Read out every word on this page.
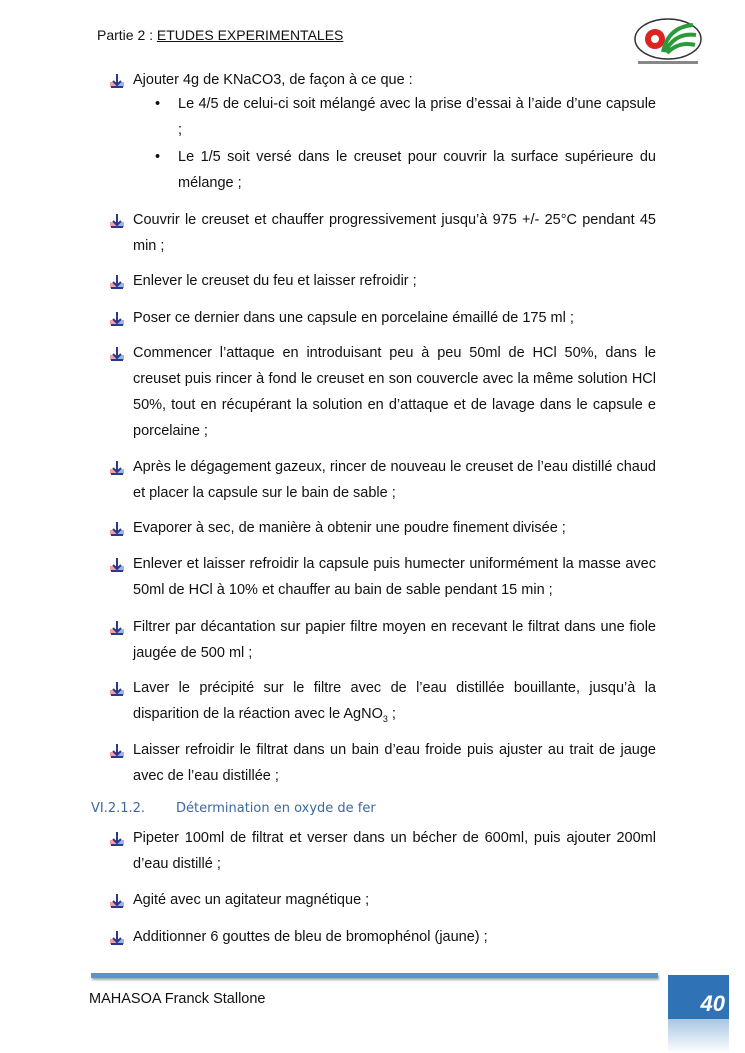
Partie 2 : ETUDES EXPERIMENTALES
Ajouter 4g de KNaCO3, de façon à ce que :
Couvrir le creuset et chauffer progressivement jusqu’à 975 +/- 25°C pendant 45 min ;
Enlever le creuset du feu et laisser refroidir ;
Poser ce dernier dans une capsule en porcelaine émaillé de 175 ml ;
Commencer l’attaque en introduisant peu à peu 50ml de HCl 50%, dans le creuset puis rincer à fond le creuset en son couvercle avec la même solution HCl 50%, tout en récupérant la solution en d’attaque et de lavage dans le capsule e porcelaine ;
Après le dégagement gazeux, rincer de nouveau le creuset de l’eau distillé chaud et placer la capsule sur le bain de sable ;
Evaporer à sec, de manière à obtenir une poudre finement divisée ;
Enlever et laisser refroidir la capsule puis humecter uniformément la masse avec 50ml de HCl à 10% et chauffer au bain de sable pendant 15 min ;
Filtrer par décantation sur papier filtre moyen en recevant le filtrat dans une fiole jaugée de 500 ml ;
Laver le précipité sur le filtre avec de l’eau distillée bouillante, jusqu’à la disparition de la réaction avec le AgNO$_3$ ;
Laisser refroidir le filtrat dans un bain d’eau froide puis ajuster au trait de jauge avec de l’eau distillée ;
Pipeter 100ml de filtrat et verser dans un bécher de 600ml, puis ajouter 200ml d’eau distillé ;
Agité avec un agitateur magnétique ;
Additionner 6 gouttes de bleu de bromophénol (jaune) ;
• Le 4/5 de celui-ci soit mélangé avec la prise d’essai à l’aide d’une capsule ;
• Le 1/5 soit versé dans le creuset pour couvrir la surface supérieure du mélange ;
VI.2.1.2. Détermination en oxyde de fer
MAHASOA Franck Stallone	40
